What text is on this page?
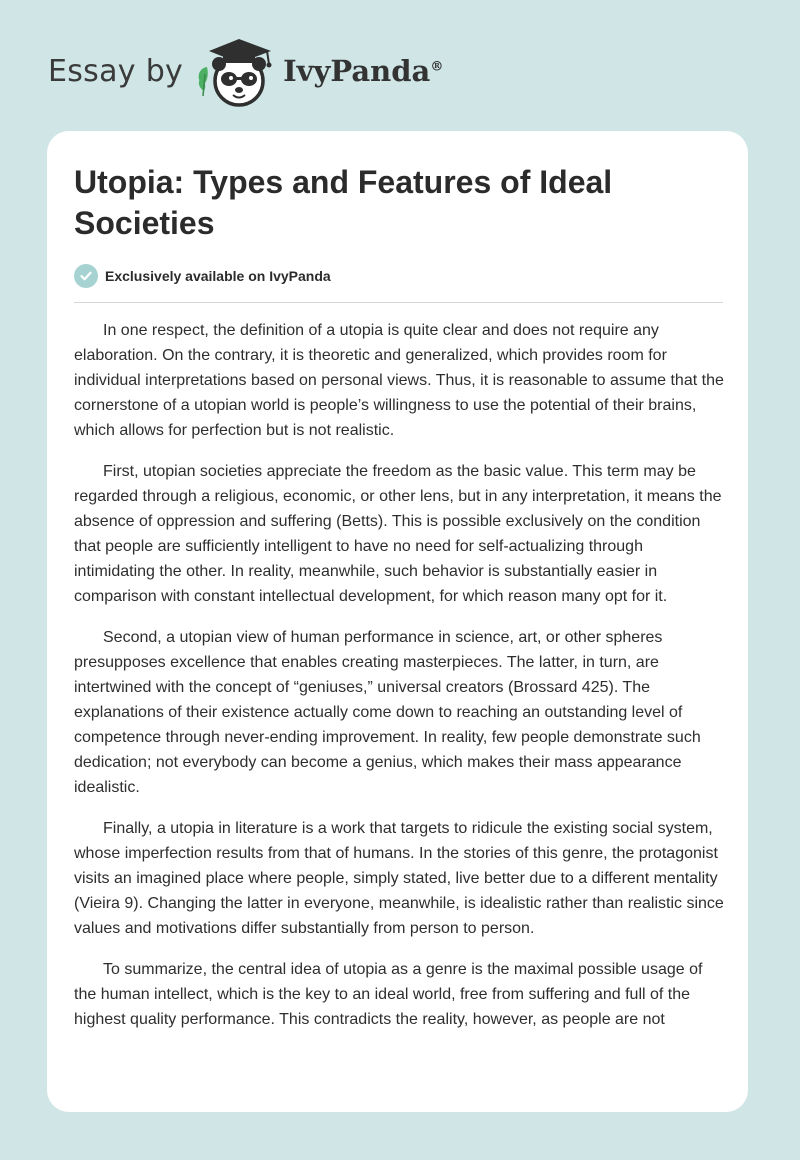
Essay by	IvyPanda®
Utopia: Types and Features of Ideal Societies
Exclusively available on IvyPanda

In one respect, the definition of a utopia is quite clear and does not require any elaboration. On the contrary, it is theoretic and generalized, which provides room for individual interpretations based on personal views. Thus, it is reasonable to assume that the cornerstone of a utopian world is people’s willingness to use the potential of their brains, which allows for perfection but is not realistic.

First, utopian societies appreciate the freedom as the basic value. This term may be regarded through a religious, economic, or other lens, but in any interpretation, it means the absence of oppression and suffering (Betts). This is possible exclusively on the condition that people are sufficiently intelligent to have no need for self-actualizing through intimidating the other. In reality, meanwhile, such behavior is substantially easier in comparison with constant intellectual development, for which reason many opt for it.

Second, a utopian view of human performance in science, art, or other spheres presupposes excellence that enables creating masterpieces. The latter, in turn, are intertwined with the concept of “geniuses,” universal creators (Brossard 425). The explanations of their existence actually come down to reaching an outstanding level of competence through never-ending improvement. In reality, few people demonstrate such dedication; not everybody can become a genius, which makes their mass appearance idealistic.

Finally, a utopia in literature is a work that targets to ridicule the existing social system, whose imperfection results from that of humans. In the stories of this genre, the protagonist visits an imagined place where people, simply stated, live better due to a different mentality (Vieira 9). Changing the latter in everyone, meanwhile, is idealistic rather than realistic since values and motivations differ substantially from person to person.

To summarize, the central idea of utopia as a genre is the maximal possible usage of the human intellect, which is the key to an ideal world, free from suffering and full of the highest quality performance. This contradicts the reality, however, as people are not
